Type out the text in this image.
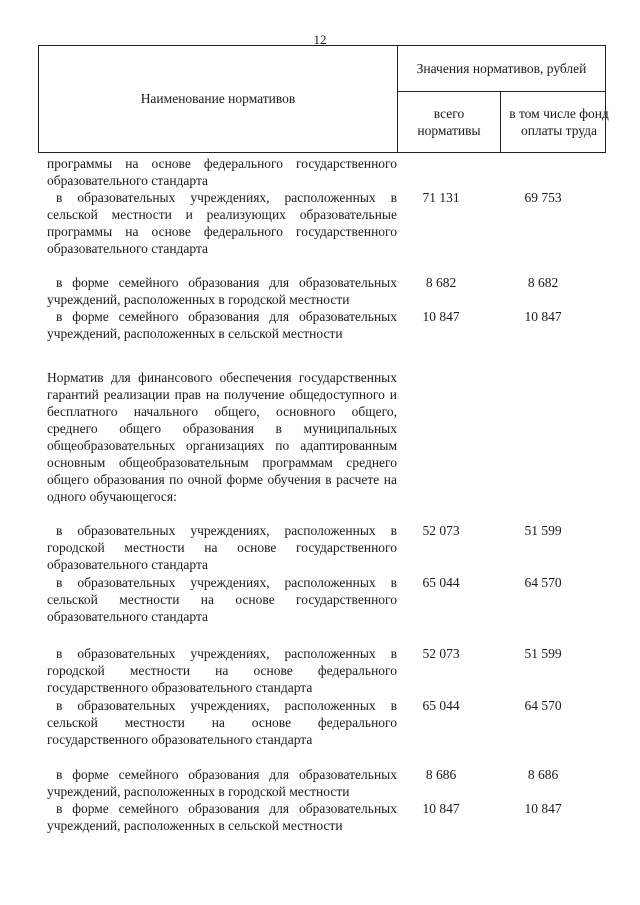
12
Наименование нормативов
Значения нормативов, рублей
всего нормативы
в том числе фонд оплаты труда
программы на основе федерального государственного образовательного стандарта
в образовательных учреждениях, расположенных в сельской местности и реализующих образовательные программы на основе федерального государственного образовательного стандарта
71 131	69 753
в форме семейного образования для образовательных учреждений, расположенных в городской местности
8 682	8 682
в форме семейного образования для образовательных учреждений, расположенных в сельской местности
10 847	10 847
Норматив для финансового обеспечения государственных гарантий реализации прав на получение общедоступного и бесплатного начального общего, основного общего, среднего общего образования в муниципальных общеобразовательных организациях по адаптированным основным общеобразовательным программам среднего общего образования по очной форме обучения в расчете на одного обучающегося:
в образовательных учреждениях, расположенных в городской местности на основе государственного образовательного стандарта
52 073	51 599
в образовательных учреждениях, расположенных в сельской местности на основе государственного образовательного стандарта
65 044	64 570
в образовательных учреждениях, расположенных в городской местности на основе федерального государственного образовательного стандарта
52 073	51 599
в образовательных учреждениях, расположенных в сельской местности на основе федерального государственного образовательного стандарта
65 044	64 570
в форме семейного образования для образовательных учреждений, расположенных в городской местности
8 686	8 686
в форме семейного образования для образовательных учреждений, расположенных в сельской местности
10 847	10 847
